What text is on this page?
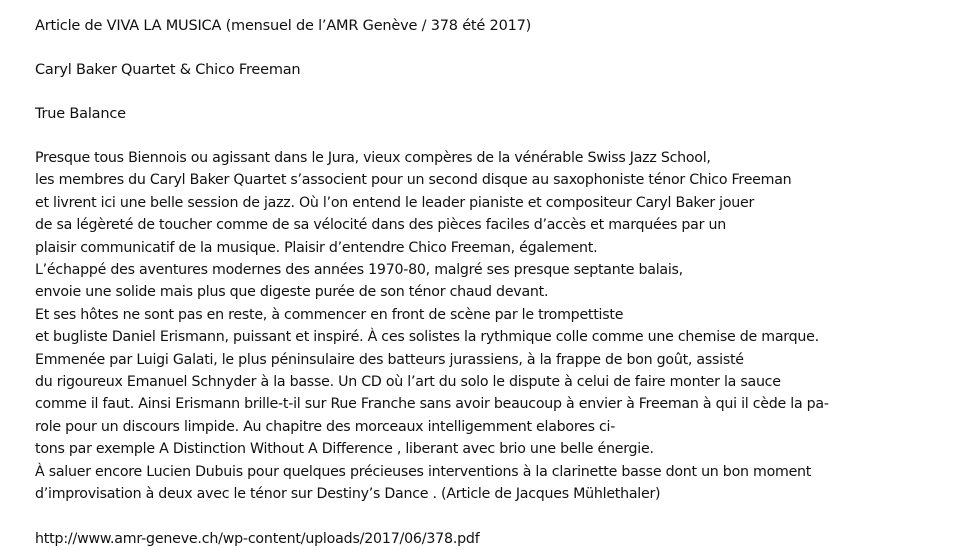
Article de VIVA LA MUSICA (mensuel de l’AMR Genève / 378 été 2017)
Caryl Baker Quartet & Chico Freeman
True Balance
Presque tous Biennois ou agissant dans le Jura, vieux compères de la vénérable Swiss Jazz School,
les membres du Caryl Baker Quartet s’associent pour un second disque au saxophoniste ténor Chico Freeman
et livrent ici une belle session de jazz. Où l’on entend le leader pianiste et compositeur Caryl Baker jouer
de sa légèreté de toucher comme de sa vélocité dans des pièces faciles d’accès et marquées par un
plaisir communicatif de la musique. Plaisir d’entendre Chico Freeman, également.
L’échappé des aventures modernes des années 1970-80, malgré ses presque septante balais,
envoie une solide mais plus que digeste purée de son ténor chaud devant.
Et ses hôtes ne sont pas en reste, à commencer en front de scène par le trompettiste
et bugliste Daniel Erismann, puissant et inspiré. À ces solistes la rythmique colle comme une chemise de marque.
Emmenée par Luigi Galati, le plus péninsulaire des batteurs jurassiens, à la frappe de bon goût, assisté
du rigoureux Emanuel Schnyder à la basse. Un CD où l’art du solo le dispute à celui de faire monter la sauce
comme il faut. Ainsi Erismann brille-t-il sur Rue Franche sans avoir beaucoup à envier à Freeman à qui il cède la pa-
role pour un discours limpide. Au chapitre des morceaux intelligemment elabores ci-
tons par exemple A Distinction Without A Difference , liberant avec brio une belle énergie.
À saluer encore Lucien Dubuis pour quelques précieuses interventions à la clarinette basse dont un bon moment
d’improvisation à deux avec le ténor sur Destiny’s Dance . (Article de Jacques Mühlethaler)
http://www.amr-geneve.ch/wp-content/uploads/2017/06/378.pdf
